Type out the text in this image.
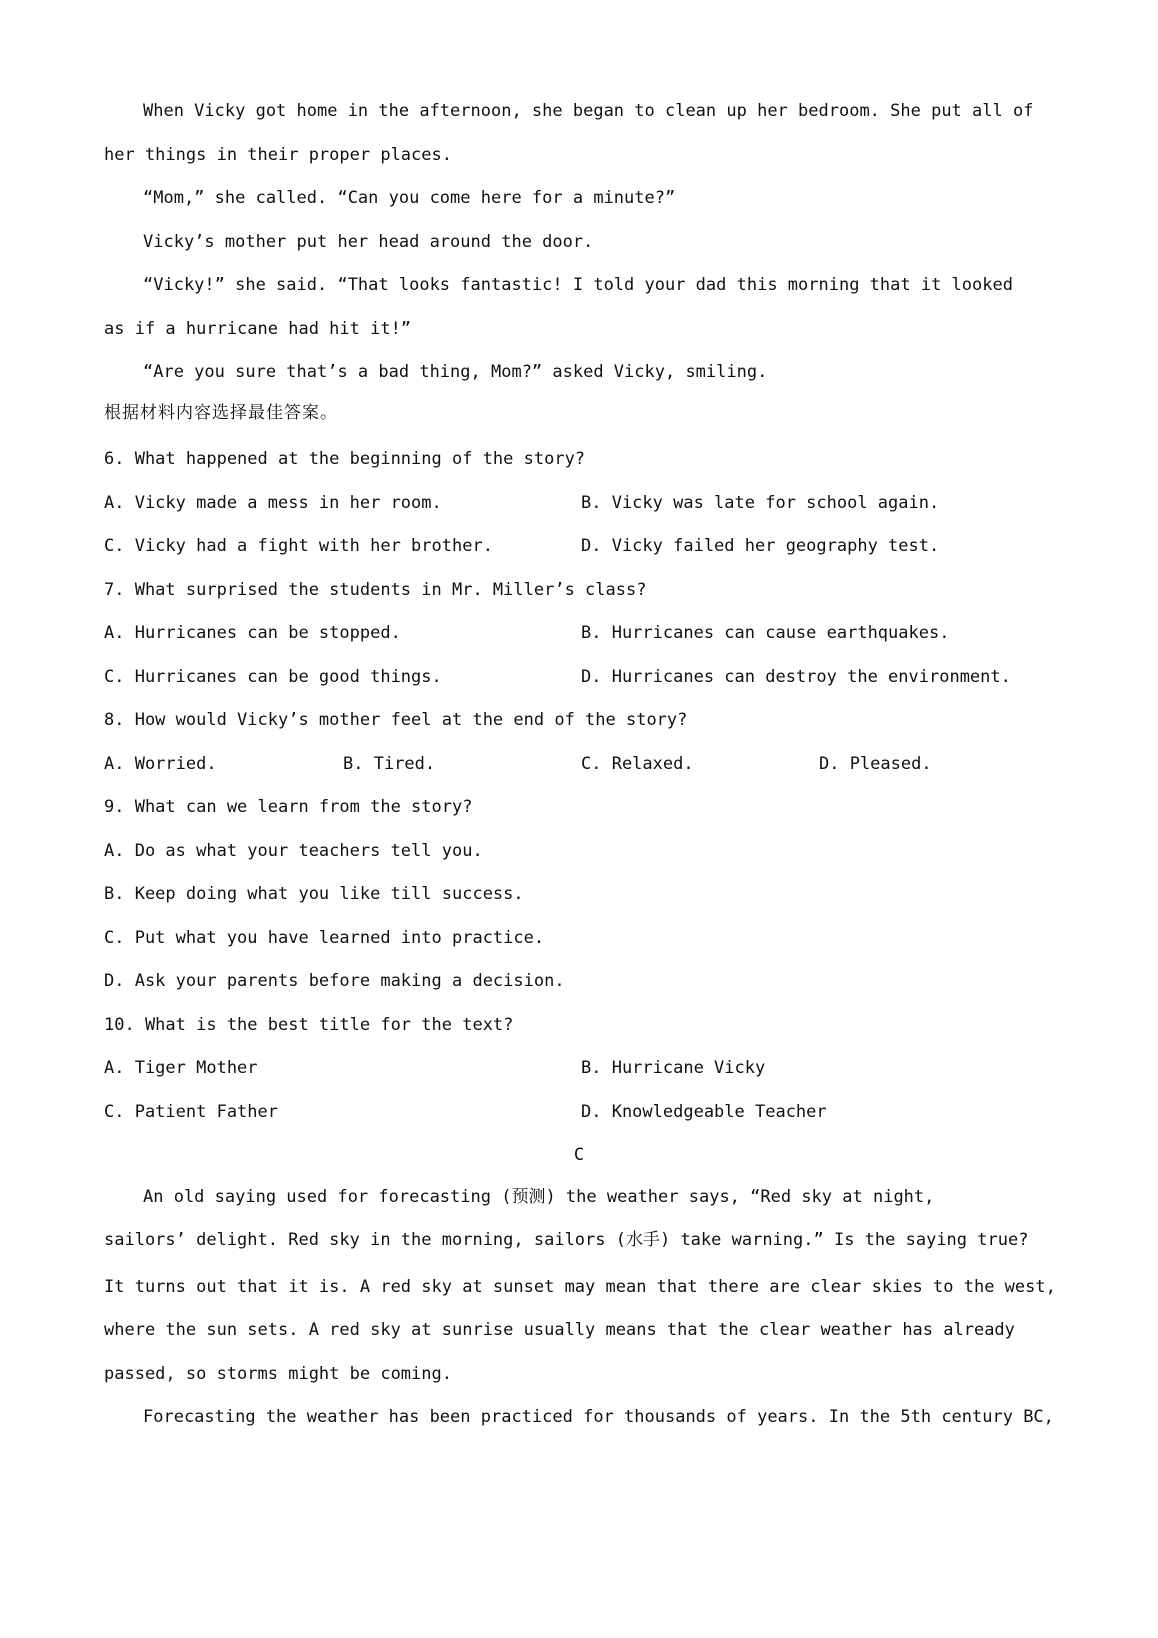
When Vicky got home in the afternoon, she began to clean up her bedroom. She put all of
her things in their proper places.
“Mom,” she called. “Can you come here for a minute?”
Vicky’s mother put her head around the door.
“Vicky!” she said. “That looks fantastic! I told your dad this morning that it looked
as if a hurricane had hit it!”
“Are you sure that’s a bad thing, Mom?” asked Vicky, smiling.
根据材料内容选择最佳答案。
6. What happened at the beginning of the story?
A. Vicky made a mess in her room.	B. Vicky was late for school again.
C. Vicky had a fight with her brother.	D. Vicky failed her geography test.
7. What surprised the students in Mr. Miller’s class?
A. Hurricanes can be stopped.	B. Hurricanes can cause earthquakes.
C. Hurricanes can be good things.	D. Hurricanes can destroy the environment.
8. How would Vicky’s mother feel at the end of the story?
A. Worried.	B. Tired.	C. Relaxed.	D. Pleased.
9. What can we learn from the story?
A. Do as what your teachers tell you.
B. Keep doing what you like till success.
C. Put what you have learned into practice.
D. Ask your parents before making a decision.
10. What is the best title for the text?
A. Tiger Mother	B. Hurricane Vicky
C. Patient Father	D. Knowledgeable Teacher
C
An old saying used for forecasting (预测) the weather says, “Red sky at night,
sailors’ delight. Red sky in the morning, sailors (水手) take warning.” Is the saying true?
It turns out that it is. A red sky at sunset may mean that there are clear skies to the west,
where the sun sets. A red sky at sunrise usually means that the clear weather has already
passed, so storms might be coming.
Forecasting the weather has been practiced for thousands of years. In the 5th century BC,
